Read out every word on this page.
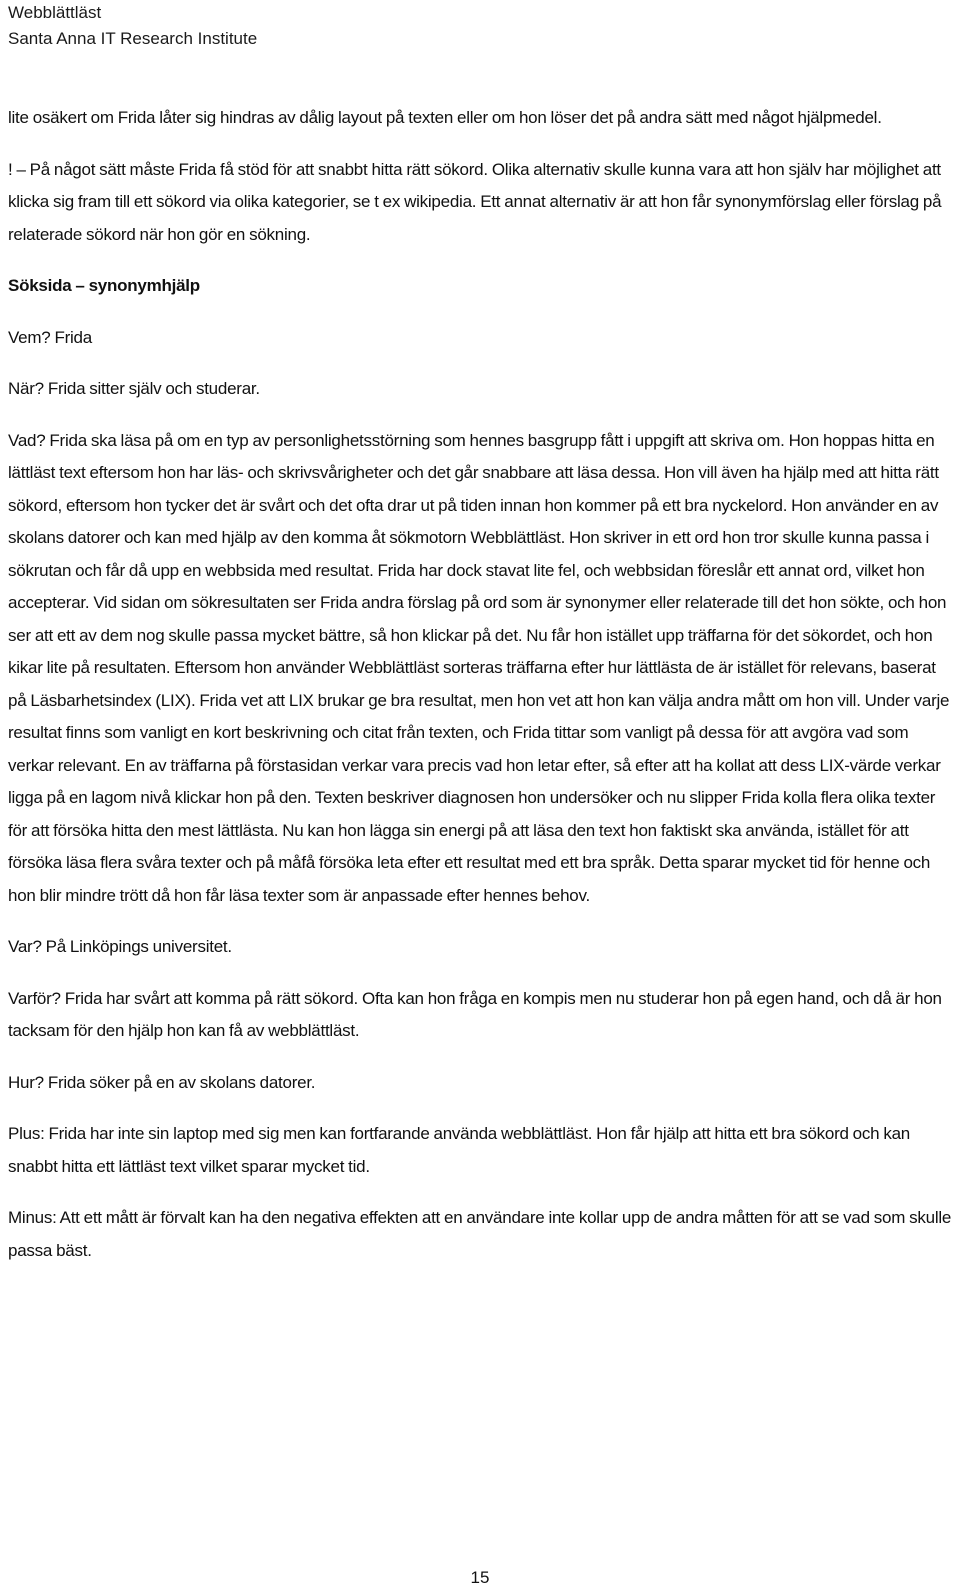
Webblättläst
Santa Anna IT Research Institute

lite osäkert om Frida låter sig hindras av dålig layout på texten eller om hon löser det på andra sätt med något hjälpmedel.

! – På något sätt måste Frida få stöd för att snabbt hitta rätt sökord. Olika alternativ skulle kunna vara att hon själv har möjlighet att klicka sig fram till ett sökord via olika kategorier, se t ex wikipedia. Ett annat alternativ är att hon får synonymförslag eller förslag på relaterade sökord när hon gör en sökning.

Söksida – synonymhjälp

Vem? Frida

När? Frida sitter själv och studerar.

Vad? Frida ska läsa på om en typ av personlighetsstörning som hennes basgrupp fått i uppgift att skriva om. Hon hoppas hitta en lättläst text eftersom hon har läs- och skrivsvårigheter och det går snabbare att läsa dessa. Hon vill även ha hjälp med att hitta rätt sökord, eftersom hon tycker det är svårt och det ofta drar ut på tiden innan hon kommer på ett bra nyckelord. Hon använder en av skolans datorer och kan med hjälp av den komma åt sökmotorn Webblättläst. Hon skriver in ett ord hon tror skulle kunna passa i sökrutan och får då upp en webbsida med resultat. Frida har dock stavat lite fel, och webbsidan föreslår ett annat ord, vilket hon accepterar. Vid sidan om sökresultaten ser Frida andra förslag på ord som är synonymer eller relaterade till det hon sökte, och hon ser att ett av dem nog skulle passa mycket bättre, så hon klickar på det. Nu får hon istället upp träffarna för det sökordet, och hon kikar lite på resultaten. Eftersom hon använder Webblättläst sorteras träffarna efter hur lättlästa de är istället för relevans, baserat på Läsbarhetsindex (LIX). Frida vet att LIX brukar ge bra resultat, men hon vet att hon kan välja andra mått om hon vill. Under varje resultat finns som vanligt en kort beskrivning och citat från texten, och Frida tittar som vanligt på dessa för att avgöra vad som verkar relevant. En av träffarna på förstasidan verkar vara precis vad hon letar efter, så efter att ha kollat att dess LIX-värde verkar ligga på en lagom nivå klickar hon på den. Texten beskriver diagnosen hon undersöker och nu slipper Frida kolla flera olika texter för att försöka hitta den mest lättlästa. Nu kan hon lägga sin energi på att läsa den text hon faktiskt ska använda, istället för att försöka läsa flera svåra texter och på måfå försöka leta efter ett resultat med ett bra språk. Detta sparar mycket tid för henne och hon blir mindre trött då hon får läsa texter som är anpassade efter hennes behov.

Var? På Linköpings universitet.

Varför? Frida har svårt att komma på rätt sökord. Ofta kan hon fråga en kompis men nu studerar hon på egen hand, och då är hon tacksam för den hjälp hon kan få av webblättläst.

Hur? Frida söker på en av skolans datorer.

Plus: Frida har inte sin laptop med sig men kan fortfarande använda webblättläst. Hon får hjälp att hitta ett bra sökord och kan snabbt hitta ett lättläst text vilket sparar mycket tid.

Minus: Att ett mått är förvalt kan ha den negativa effekten att en användare inte kollar upp de andra måtten för att se vad som skulle passa bäst.

15
